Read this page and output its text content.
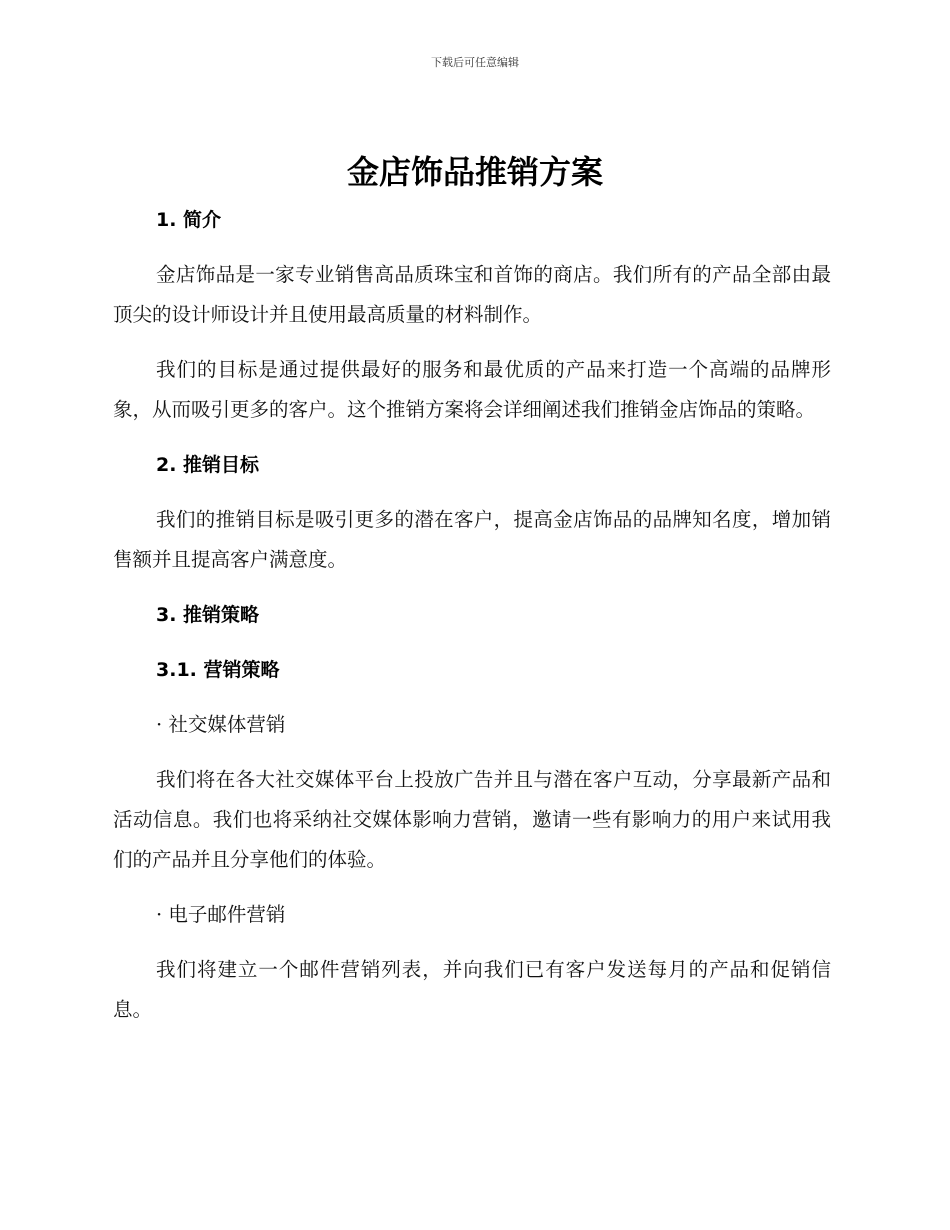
下载后可任意编辑
金店饰品推销方案
1. 简介

金店饰品是一家专业销售高品质珠宝和首饰的商店。我们所有的产品全部由最顶尖的设计师设计并且使用最高质量的材料制作。

我们的目标是通过提供最好的服务和最优质的产品来打造一个高端的品牌形象，从而吸引更多的客户。这个推销方案将会详细阐述我们推销金店饰品的策略。

2. 推销目标

我们的推销目标是吸引更多的潜在客户，提高金店饰品的品牌知名度，增加销售额并且提高客户满意度。

3. 推销策略
3.1. 营销策略

· 社交媒体营销

我们将在各大社交媒体平台上投放广告并且与潜在客户互动，分享最新产品和活动信息。我们也将采纳社交媒体影响力营销，邀请一些有影响力的用户来试用我们的产品并且分享他们的体验。

· 电子邮件营销

我们将建立一个邮件营销列表，并向我们已有客户发送每月的产品和促销信息。
